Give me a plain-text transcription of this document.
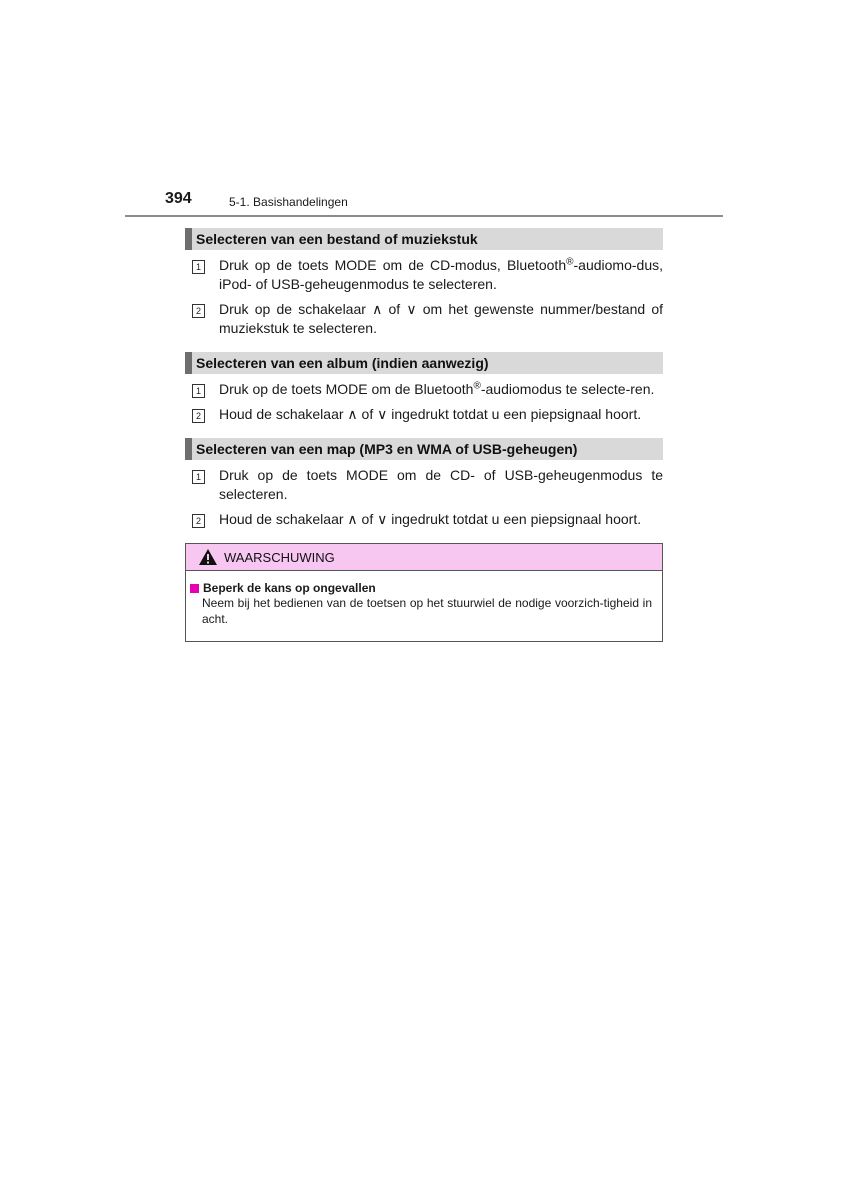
394	5-1. Basishandelingen
Selecteren van een bestand of muziekstuk
1 Druk op de toets MODE om de CD-modus, Bluetooth®-audiomo-dus, iPod- of USB-geheugenmodus te selecteren.
2 Druk op de schakelaar ∧ of ∨ om het gewenste nummer/bestand of muziekstuk te selecteren.
Selecteren van een album (indien aanwezig)
1 Druk op de toets MODE om de Bluetooth®-audiomodus te selecte-ren.
2 Houd de schakelaar ∧ of ∨ ingedrukt totdat u een piepsignaal hoort.
Selecteren van een map (MP3 en WMA of USB-geheugen)
1 Druk op de toets MODE om de CD- of USB-geheugenmodus te selecteren.
2 Houd de schakelaar ∧ of ∨ ingedrukt totdat u een piepsignaal hoort.
WAARSCHUWING
Beperk de kans op ongevallen
Neem bij het bedienen van de toetsen op het stuurwiel de nodige voorzich-tigheid in acht.
